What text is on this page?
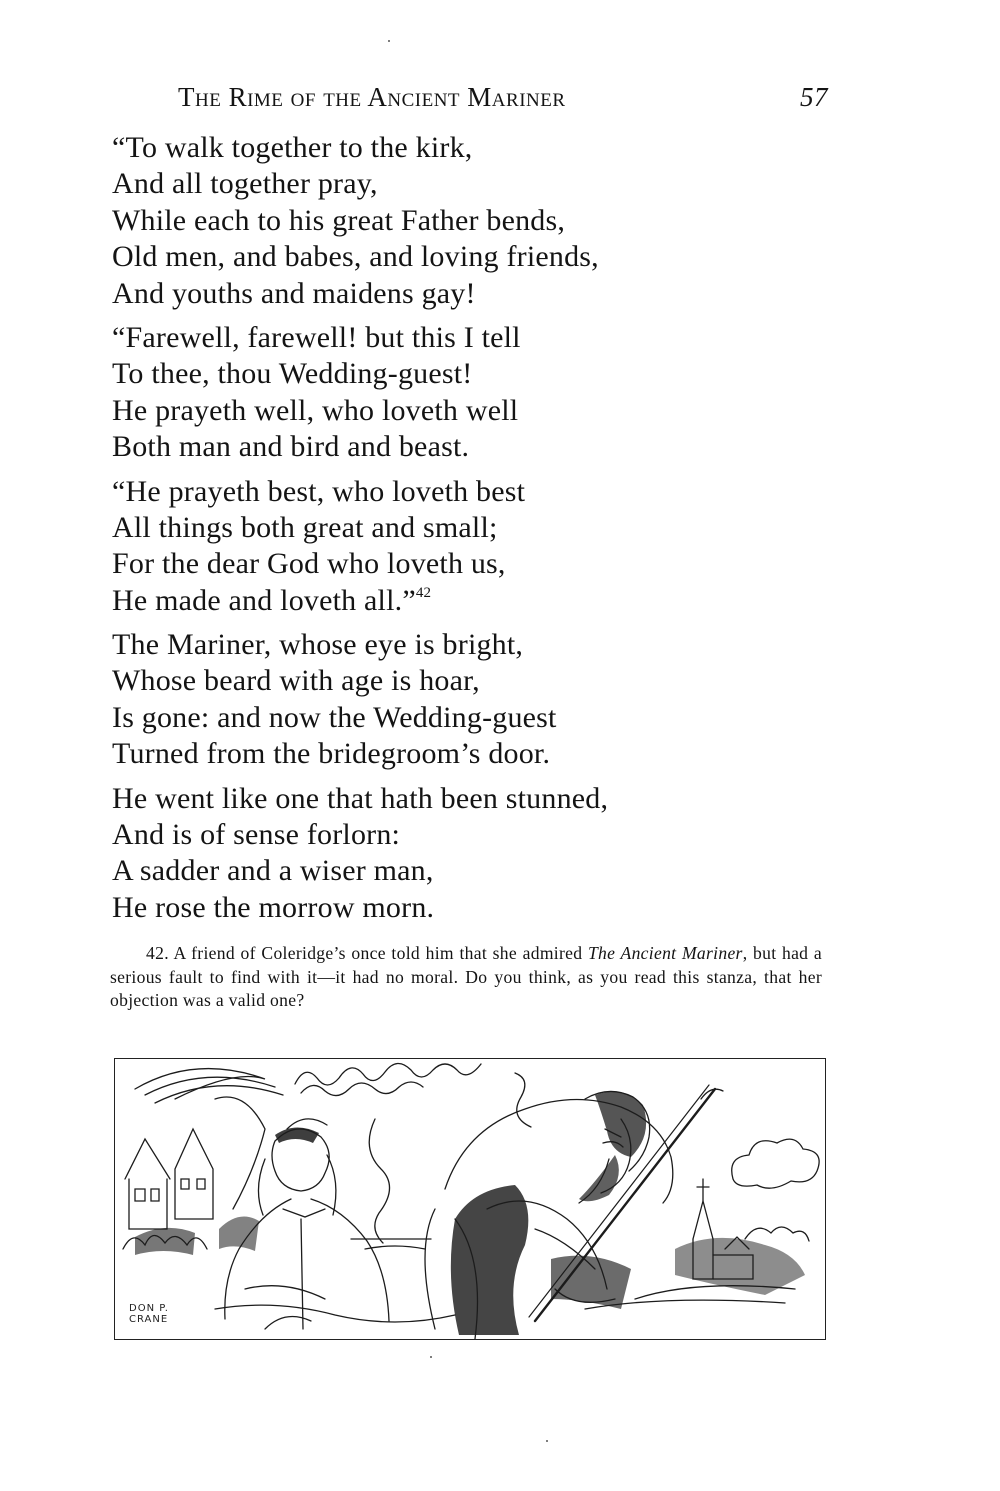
The Rime of the Ancient Mariner	57
“To walk together to the kirk,
And all together pray,
While each to his great Father bends,
Old men, and babes, and loving friends,
And youths and maidens gay!
“Farewell, farewell! but this I tell
To thee, thou Wedding-guest!
He prayeth well, who loveth well
Both man and bird and beast.
“He prayeth best, who loveth best
All things both great and small;
For the dear God who loveth us,
He made and loveth all.”$^{42}$
The Mariner, whose eye is bright,
Whose beard with age is hoar,
Is gone: and now the Wedding-guest
Turned from the bridegroom’s door.
He went like one that hath been stunned,
And is of sense forlorn:
A sadder and a wiser man,
He rose the morrow morn.

42. A friend of Coleridge’s once told him that she admired The Ancient Mariner, but had a serious fault to find with it—it had no moral. Do you think, as you read this stanza, that her objection was a valid one?

DON P.
CRANE
